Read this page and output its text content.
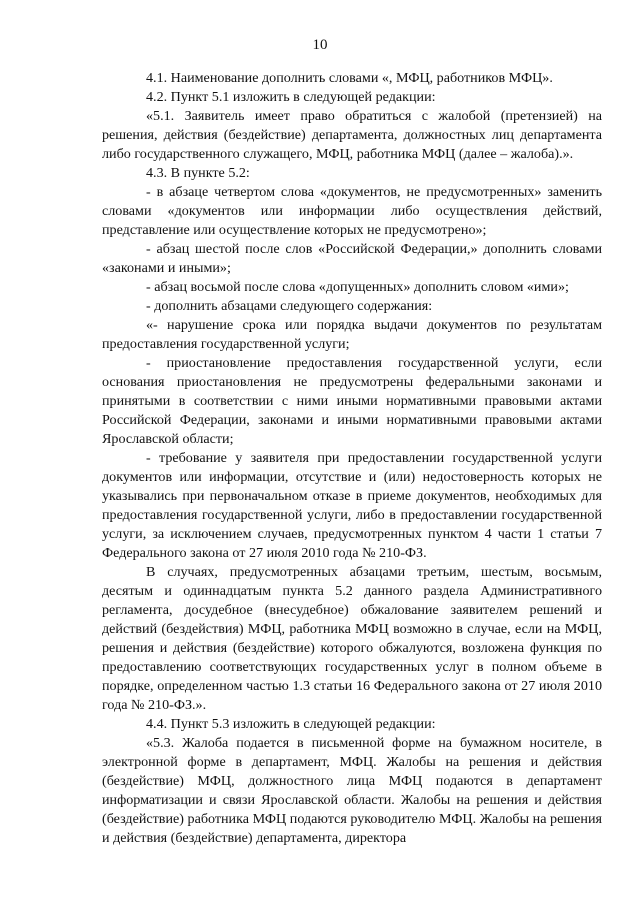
10

4.1. Наименование дополнить словами «, МФЦ, работников МФЦ».

4.2. Пункт 5.1 изложить в следующей редакции:

«5.1. Заявитель имеет право обратиться с жалобой (претензией) на решения, действия (бездействие) департамента, должностных лиц департамента либо государственного служащего, МФЦ, работника МФЦ (далее – жалоба).».

4.3. В пункте 5.2:

- в абзаце четвертом слова «документов, не предусмотренных» заменить словами «документов или информации либо осуществления действий, представление или осуществление которых не предусмотрено»;

- абзац шестой после слов «Российской Федерации,» дополнить словами «законами и иными»;

- абзац восьмой после слова «допущенных» дополнить словом «ими»;

- дополнить абзацами следующего содержания:

«- нарушение срока или порядка выдачи документов по результатам предоставления государственной услуги;

- приостановление предоставления государственной услуги, если основания приостановления не предусмотрены федеральными законами и принятыми в соответствии с ними иными нормативными правовыми актами Российской Федерации, законами и иными нормативными правовыми актами Ярославской области;

- требование у заявителя при предоставлении государственной услуги документов или информации, отсутствие и (или) недостоверность которых не указывались при первоначальном отказе в приеме документов, необходимых для предоставления государственной услуги, либо в предоставлении государственной услуги, за исключением случаев, предусмотренных пунктом 4 части 1 статьи 7 Федерального закона от 27 июля 2010 года № 210-ФЗ.

В случаях, предусмотренных абзацами третьим, шестым, восьмым, десятым и одиннадцатым пункта 5.2 данного раздела Административного регламента, досудебное (внесудебное) обжалование заявителем решений и действий (бездействия) МФЦ, работника МФЦ возможно в случае, если на МФЦ, решения и действия (бездействие) которого обжалуются, возложена функция по предоставлению соответствующих государственных услуг в полном объеме в порядке, определенном частью 1.3 статьи 16 Федерального закона от 27 июля 2010 года № 210-ФЗ.».

4.4. Пункт 5.3 изложить в следующей редакции:

«5.3. Жалоба подается в письменной форме на бумажном носителе, в электронной форме в департамент, МФЦ. Жалобы на решения и действия (бездействие) МФЦ, должностного лица МФЦ подаются в департамент информатизации и связи Ярославской области. Жалобы на решения и действия (бездействие) работника МФЦ подаются руководителю МФЦ. Жалобы на решения и действия (бездействие) департамента, директора
